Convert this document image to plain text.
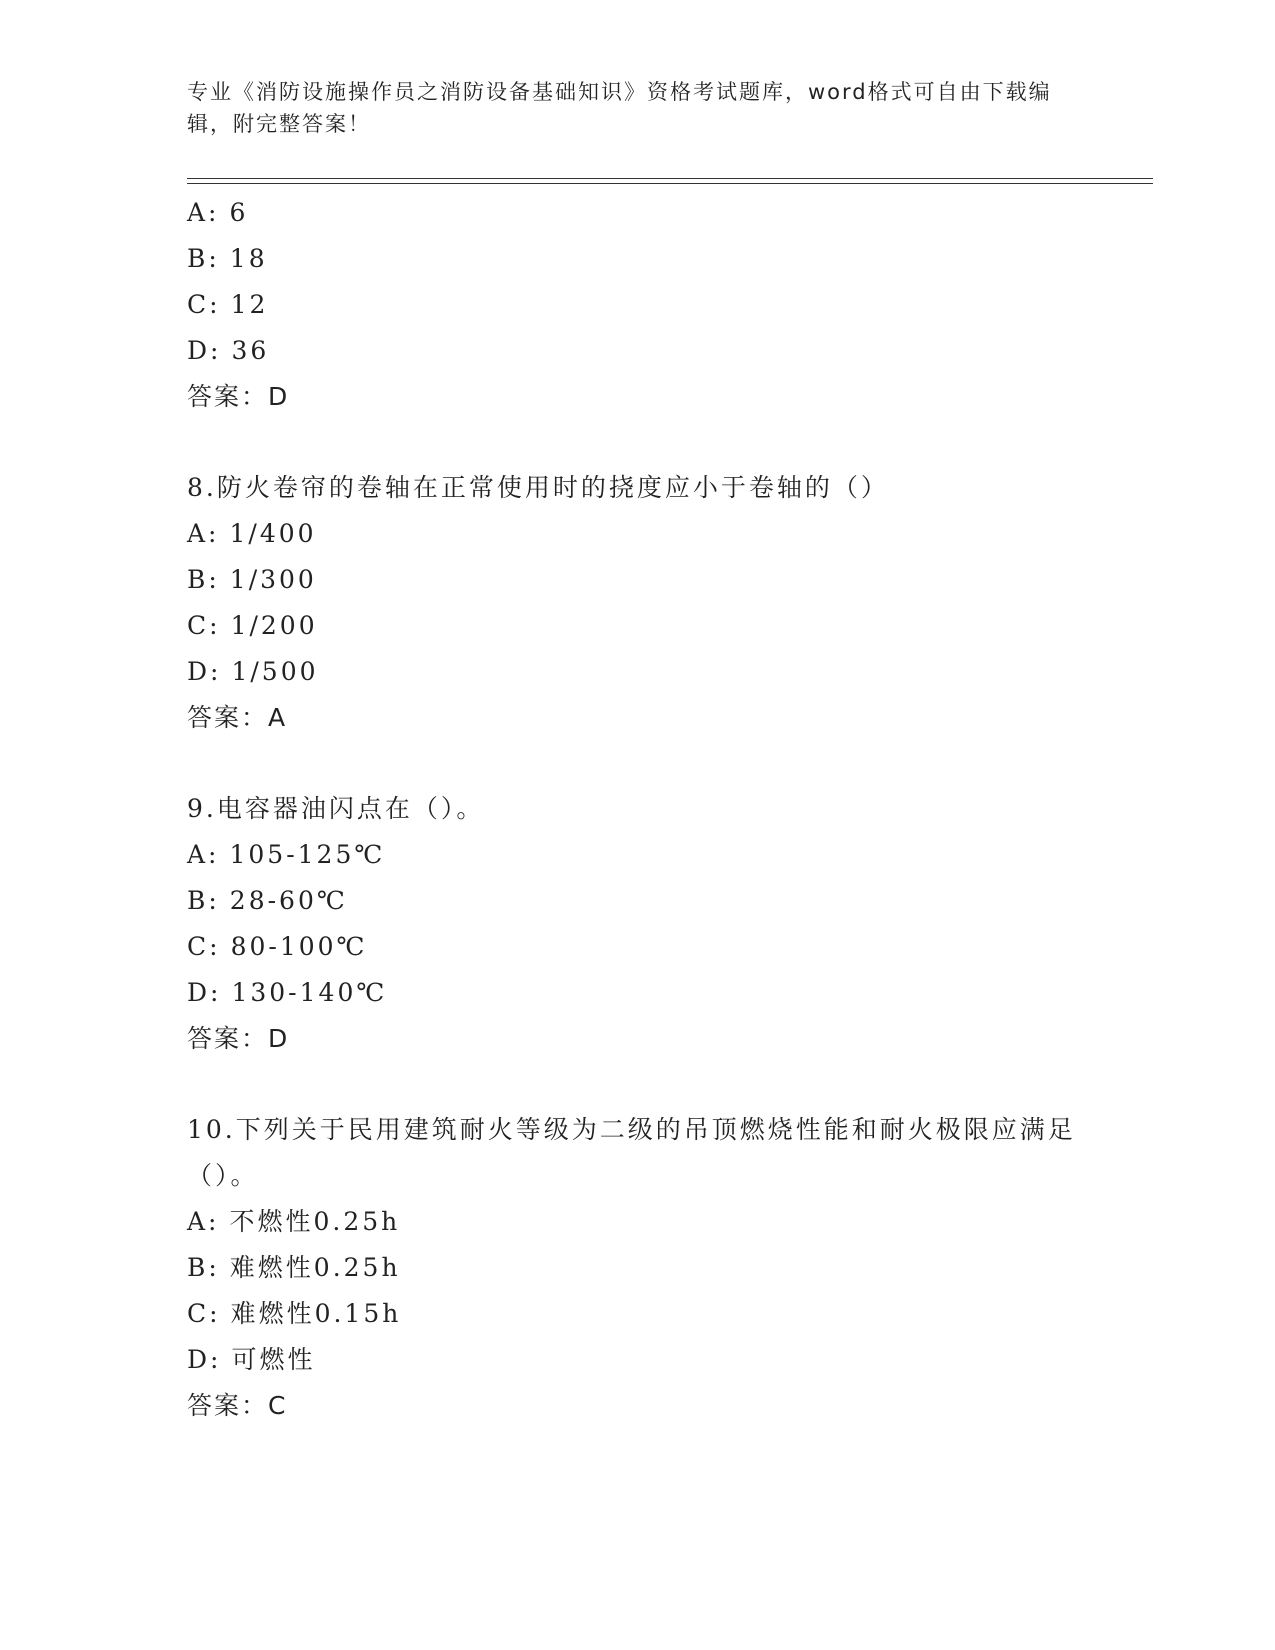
专业《消防设施操作员之消防设备基础知识》资格考试题库，word格式可自由下载编辑，附完整答案！
A: 6
B: 18
C: 12
D: 36
答案：D
8.防火卷帘的卷轴在正常使用时的挠度应小于卷轴的（）
A: 1/400
B: 1/300
C: 1/200
D: 1/500
答案：A
9.电容器油闪点在（）。
A: 105-125℃
B: 28-60℃
C: 80-100℃
D: 130-140℃
答案：D
10.下列关于民用建筑耐火等级为二级的吊顶燃烧性能和耐火极限应满足（）。
A: 不燃性0.25h
B: 难燃性0.25h
C: 难燃性0.15h
D: 可燃性
答案：C
